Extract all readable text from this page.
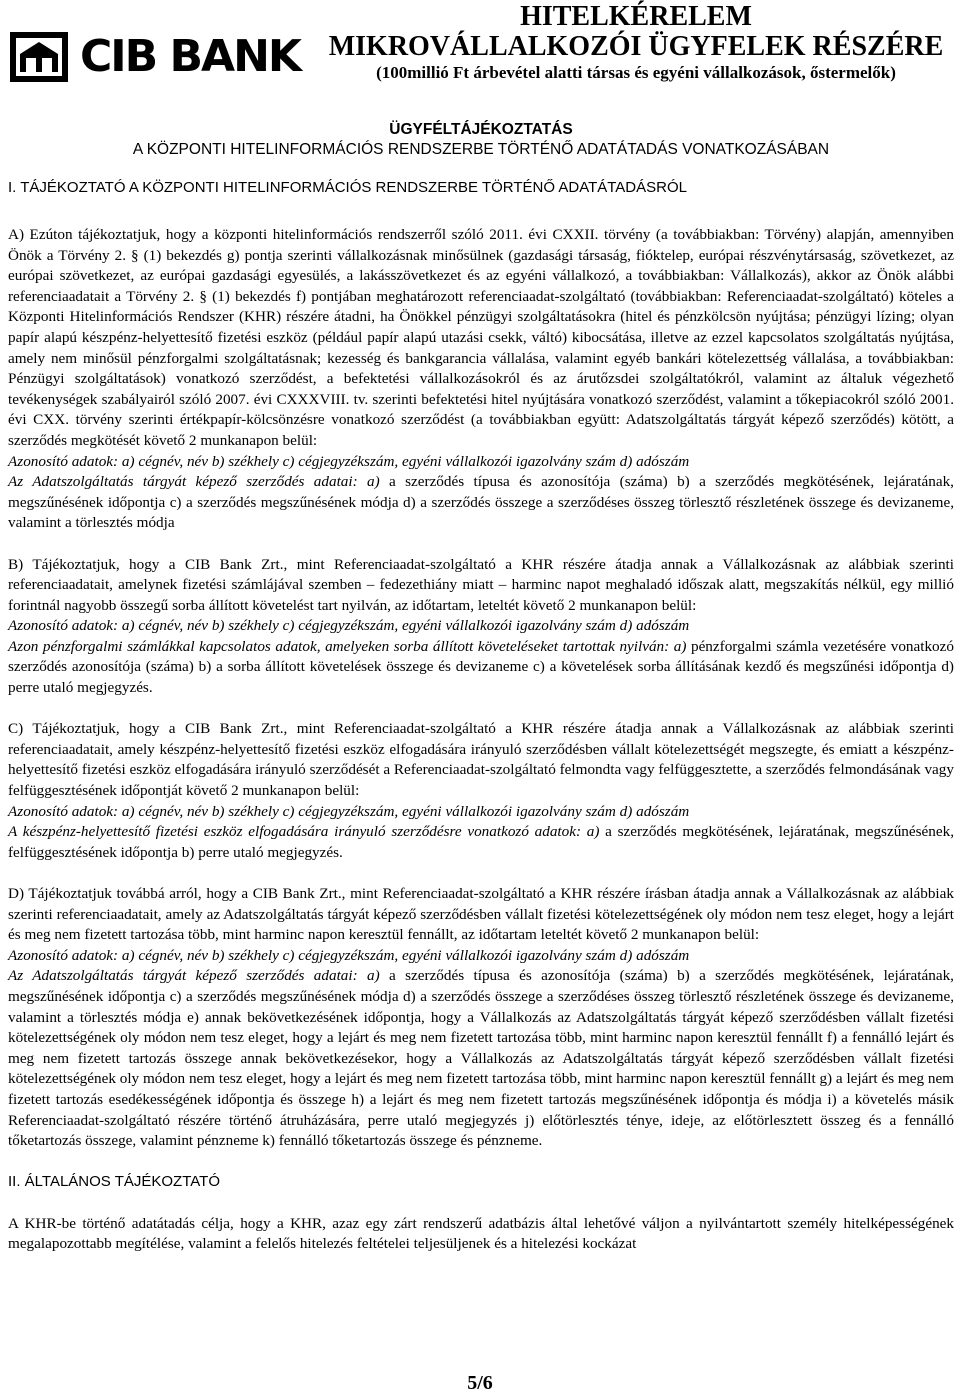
CIB BANK
HITELKÉRELEM
MIKROVÁLLALKOZÓI ÜGYFELEK RÉSZÉRE
(100millió Ft árbevétel alatti társas és egyéni vállalkozások, őstermelők)
ÜGYFÉLTÁJÉKOZTATÁS
A KÖZPONTI HITELINFORMÁCIÓS RENDSZERBE TÖRTÉNŐ ADATÁTADÁS VONATKOZÁSÁBAN
I. TÁJÉKOZTATÓ A KÖZPONTI HITELINFORMÁCIÓS RENDSZERBE TÖRTÉNŐ ADATÁTADÁSRÓL

A) Ezúton tájékoztatjuk, hogy a központi hitelinformációs rendszerről szóló 2011. évi CXXII. törvény (a továbbiakban: Törvény) alapján, amennyiben Önök a Törvény 2. § (1) bekezdés g) pontja szerinti vállalkozásnak minősülnek (gazdasági társaság, fióktelep, európai részvénytársaság, szövetkezet, az európai szövetkezet, az európai gazdasági egyesülés, a lakásszövetkezet és az egyéni vállalkozó, a továbbiakban: Vállalkozás), akkor az Önök alábbi referenciaadatait a Törvény 2. § (1) bekezdés f) pontjában meghatározott referenciaadat-szolgáltató (továbbiakban: Referenciaadat-szolgáltató) köteles a Központi Hitelinformációs Rendszer (KHR) részére átadni, ha Önökkel pénzügyi szolgáltatásokra (hitel és pénzkölcsön nyújtása; pénzügyi lízing; olyan papír alapú készpénz-helyettesítő fizetési eszköz (például papír alapú utazási csekk, váltó) kibocsátása, illetve az ezzel kapcsolatos szolgáltatás nyújtása, amely nem minősül pénzforgalmi szolgáltatásnak; kezesség és bankgarancia vállalása, valamint egyéb bankári kötelezettség vállalása, a továbbiakban: Pénzügyi szolgáltatások) vonatkozó szerződést, a befektetési vállalkozásokról és az árutőzsdei szolgáltatókról, valamint az általuk végezhető tevékenységek szabályairól szóló 2007. évi CXXXVIII. tv. szerinti befektetési hitel nyújtására vonatkozó szerződést, valamint a tőkepiacokról szóló 2001. évi CXX. törvény szerinti értékpapír-kölcsönzésre vonatkozó szerződést (a továbbiakban együtt: Adatszolgáltatás tárgyát képező szerződés) kötött, a szerződés megkötését követő 2 munkanapon belül:

Azonosító adatok: a) cégnév, név b) székhely c) cégjegyzékszám, egyéni vállalkozói igazolvány szám d) adószám

Az Adatszolgáltatás tárgyát képező szerződés adatai: a) a szerződés típusa és azonosítója (száma) b) a szerződés megkötésének, lejáratának, megszűnésének időpontja c) a szerződés megszűnésének módja d) a szerződés összege a szerződéses összeg törlesztő részletének összege és devizaneme, valamint a törlesztés módja

B) Tájékoztatjuk, hogy a CIB Bank Zrt., mint Referenciaadat-szolgáltató a KHR részére átadja annak a Vállalkozásnak az alábbiak szerinti referenciaadatait, amelynek fizetési számlájával szemben – fedezethiány miatt – harminc napot meghaladó időszak alatt, megszakítás nélkül, egy millió forintnál nagyobb összegű sorba állított követelést tart nyilván, az időtartam, leteltét követő 2 munkanapon belül:

Azonosító adatok: a) cégnév, név b) székhely c) cégjegyzékszám, egyéni vállalkozói igazolvány szám d) adószám

Azon pénzforgalmi számlákkal kapcsolatos adatok, amelyeken sorba állított követeléseket tartottak nyilván: a) pénzforgalmi számla vezetésére vonatkozó szerződés azonosítója (száma) b) a sorba állított követelések összege és devizaneme c) a követelések sorba állításának kezdő és megszűnési időpontja d) perre utaló megjegyzés.

C) Tájékoztatjuk, hogy a CIB Bank Zrt., mint Referenciaadat-szolgáltató a KHR részére átadja annak a Vállalkozásnak az alábbiak szerinti referenciaadatait, amely készpénz-helyettesítő fizetési eszköz elfogadására irányuló szerződésben vállalt kötelezettségét megszegte, és emiatt a készpénz-helyettesítő fizetési eszköz elfogadására irányuló szerződését a Referenciaadat-szolgáltató felmondta vagy felfüggesztette, a szerződés felmondásának vagy felfüggesztésének időpontját követő 2 munkanapon belül:

Azonosító adatok: a) cégnév, név b) székhely c) cégjegyzékszám, egyéni vállalkozói igazolvány szám d) adószám

A készpénz-helyettesítő fizetési eszköz elfogadására irányuló szerződésre vonatkozó adatok: a) a szerződés megkötésének, lejáratának, megszűnésének, felfüggesztésének időpontja b) perre utaló megjegyzés.

D) Tájékoztatjuk továbbá arról, hogy a CIB Bank Zrt., mint Referenciaadat-szolgáltató a KHR részére írásban átadja annak a Vállalkozásnak az alábbiak szerinti referenciaadatait, amely az Adatszolgáltatás tárgyát képező szerződésben vállalt fizetési kötelezettségének oly módon nem tesz eleget, hogy a lejárt és meg nem fizetett tartozása több, mint harminc napon keresztül fennállt, az időtartam leteltét követő 2 munkanapon belül:

Azonosító adatok: a) cégnév, név b) székhely c) cégjegyzékszám, egyéni vállalkozói igazolvány szám d) adószám

Az Adatszolgáltatás tárgyát képező szerződés adatai: a) a szerződés típusa és azonosítója (száma) b) a szerződés megkötésének, lejáratának, megszűnésének időpontja c) a szerződés megszűnésének módja d) a szerződés összege a szerződéses összeg törlesztő részletének összege és devizaneme, valamint a törlesztés módja e) annak bekövetkezésének időpontja, hogy a Vállalkozás az Adatszolgáltatás tárgyát képező szerződésben vállalt fizetési kötelezettségének oly módon nem tesz eleget, hogy a lejárt és meg nem fizetett tartozása több, mint harminc napon keresztül fennállt f) a fennálló lejárt és meg nem fizetett tartozás összege annak bekövetkezésekor, hogy a Vállalkozás az Adatszolgáltatás tárgyát képező szerződésben vállalt fizetési kötelezettségének oly módon nem tesz eleget, hogy a lejárt és meg nem fizetett tartozása több, mint harminc napon keresztül fennállt g) a lejárt és meg nem fizetett tartozás esedékességének időpontja és összege h) a lejárt és meg nem fizetett tartozás megszűnésének időpontja és módja i) a követelés másik Referenciaadat-szolgáltató részére történő átruházására, perre utaló megjegyzés j) előtörlesztés ténye, ideje, az előtörlesztett összeg és a fennálló tőketartozás összege, valamint pénzneme k) fennálló tőketartozás összege és pénzneme.

II. ÁLTALÁNOS TÁJÉKOZTATÓ

A KHR-be történő adatátadás célja, hogy a KHR, azaz egy zárt rendszerű adatbázis által lehetővé váljon a nyilvántartott személy hitelképességének megalapozottabb megítélése, valamint a felelős hitelezés feltételei teljesüljenek és a hitelezési kockázat

5/6
